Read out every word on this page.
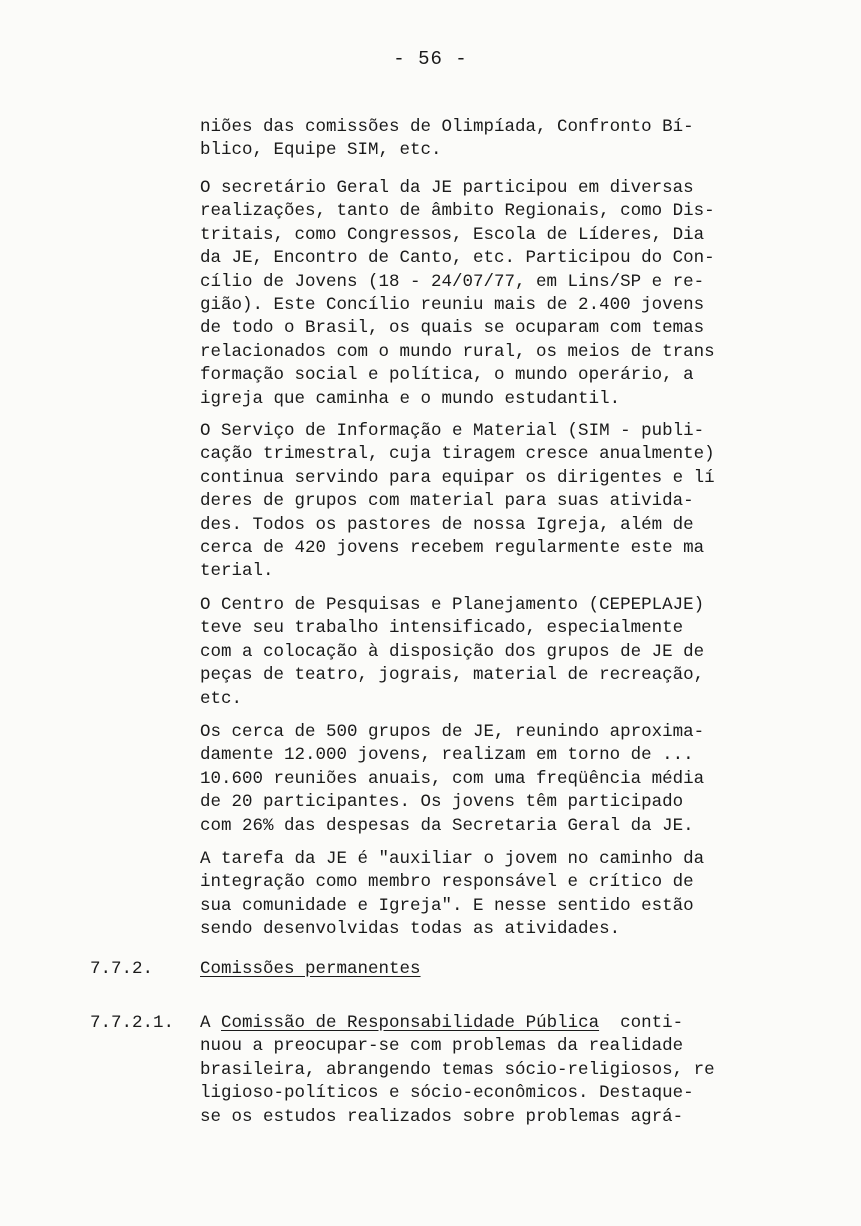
- 56 -

niões das comissões de Olimpíada, Confronto Bí-
blico, Equipe SIM, etc.

O secretário Geral da JE participou em diversas
realizações, tanto de âmbito Regionais, como Dis-
tritais, como Congressos, Escola de Líderes, Dia
da JE, Encontro de Canto, etc. Participou do Con-
cílio de Jovens (18 - 24/07/77, em Lins/SP e re-
gião). Este Concílio reuniu mais de 2.400 jovens
de todo o Brasil, os quais se ocuparam com temas
relacionados com o mundo rural, os meios de trans
formação social e política, o mundo operário, a
igreja que caminha e o mundo estudantil.

O Serviço de Informação e Material (SIM - publi-
cação trimestral, cuja tiragem cresce anualmente)
continua servindo para equipar os dirigentes e lí
deres de grupos com material para suas ativida-
des. Todos os pastores de nossa Igreja, além de
cerca de 420 jovens recebem regularmente este ma
terial.

O Centro de Pesquisas e Planejamento (CEPEPLAJE)
teve seu trabalho intensificado, especialmente
com a colocação à disposição dos grupos de JE de
peças de teatro, jograis, material de recreação,
etc.

Os cerca de 500 grupos de JE, reunindo aproxima-
damente 12.000 jovens, realizam em torno de ...
10.600 reuniões anuais, com uma freqüência média
de 20 participantes. Os jovens têm participado
com 26% das despesas da Secretaria Geral da JE.

A tarefa da JE é "auxiliar o jovem no caminho da
integração como membro responsável e crítico de
sua comunidade e Igreja". E nesse sentido estão
sendo desenvolvidas todas as atividades.

7.7.2.	Comissões permanentes
7.7.2.1. A Comissão de Responsabilidade Pública  conti-
nuou a preocupar-se com problemas da realidade
brasileira, abrangendo temas sócio-religiosos, re
ligioso-políticos e sócio-econômicos. Destaque-
se os estudos realizados sobre problemas agrá-
